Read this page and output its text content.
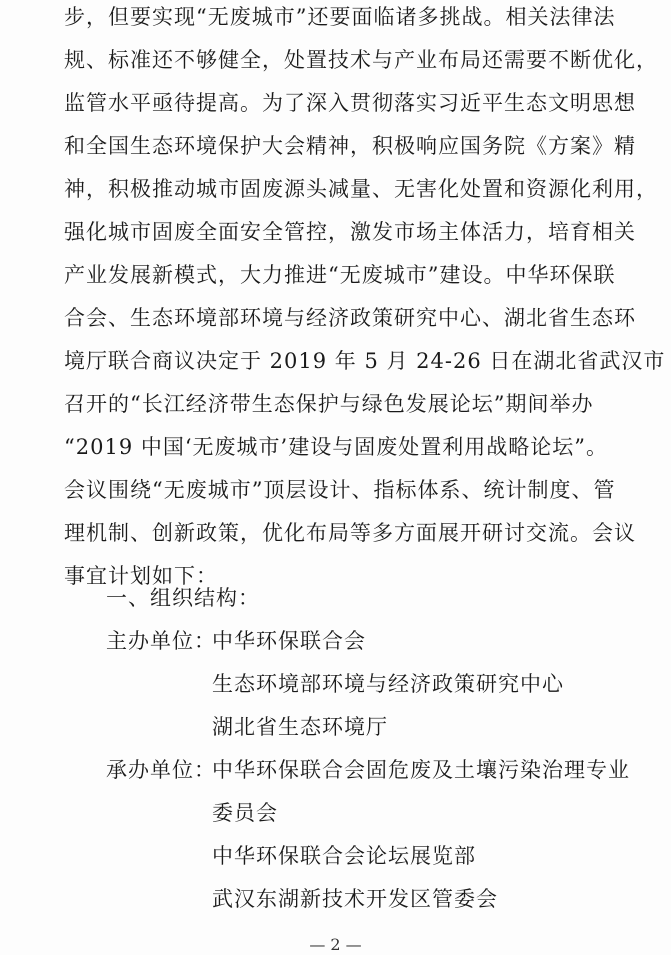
步，但要实现“无废城市”还要面临诸多挑战。相关法律法
规、标准还不够健全，处置技术与产业布局还需要不断优化，
监管水平亟待提高。为了深入贯彻落实习近平生态文明思想
和全国生态环境保护大会精神，积极响应国务院《方案》精
神，积极推动城市固废源头减量、无害化处置和资源化利用，
强化城市固废全面安全管控，激发市场主体活力，培育相关
产业发展新模式，大力推进“无废城市”建设。中华环保联
合会、生态环境部环境与经济政策研究中心、湖北省生态环
境厅联合商议决定于 2019 年 5 月 24-26 日在湖北省武汉市
召开的“长江经济带生态保护与绿色发展论坛”期间举办
“2019 中国‘无废城市’建设与固废处置利用战略论坛”。
会议围绕“无废城市”顶层设计、指标体系、统计制度、管
理机制、创新政策，优化布局等多方面展开研讨交流。会议
事宜计划如下：
一、组织结构：
主办单位：
中华环保联合会
生态环境部环境与经济政策研究中心
湖北省生态环境厅
承办单位：
中华环保联合会固危废及土壤污染治理专业
委员会
中华环保联合会论坛展览部
武汉东湖新技术开发区管委会
— 2 —
